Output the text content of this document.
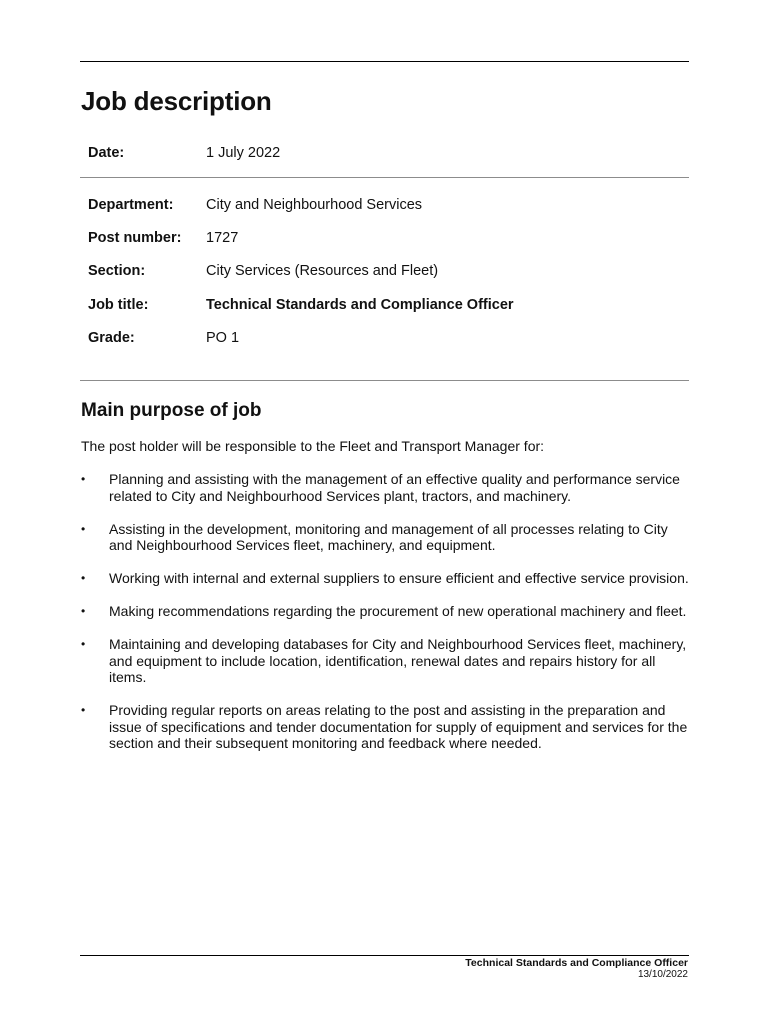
Job description
Date:	1 July 2022
Department: City and Neighbourhood Services
Post number: 1727
Section:	City Services (Resources and Fleet)
Job title:	Technical Standards and Compliance Officer
Grade:	PO 1
Main purpose of job
The post holder will be responsible to the Fleet and Transport Manager for:
• Planning and assisting with the management of an effective quality and performance service related to City and Neighbourhood Services plant, tractors, and machinery.
• Assisting in the development, monitoring and management of all processes relating to City and Neighbourhood Services fleet, machinery, and equipment.
• Working with internal and external suppliers to ensure efficient and effective service provision.
• Making recommendations regarding the procurement of new operational machinery and fleet.
• Maintaining and developing databases for City and Neighbourhood Services fleet, machinery, and equipment to include location, identification, renewal dates and repairs history for all items.
• Providing regular reports on areas relating to the post and assisting in the preparation and issue of specifications and tender documentation for supply of equipment and services for the section and their subsequent monitoring and feedback where needed.
Technical Standards and Compliance Officer
13/10/2022
